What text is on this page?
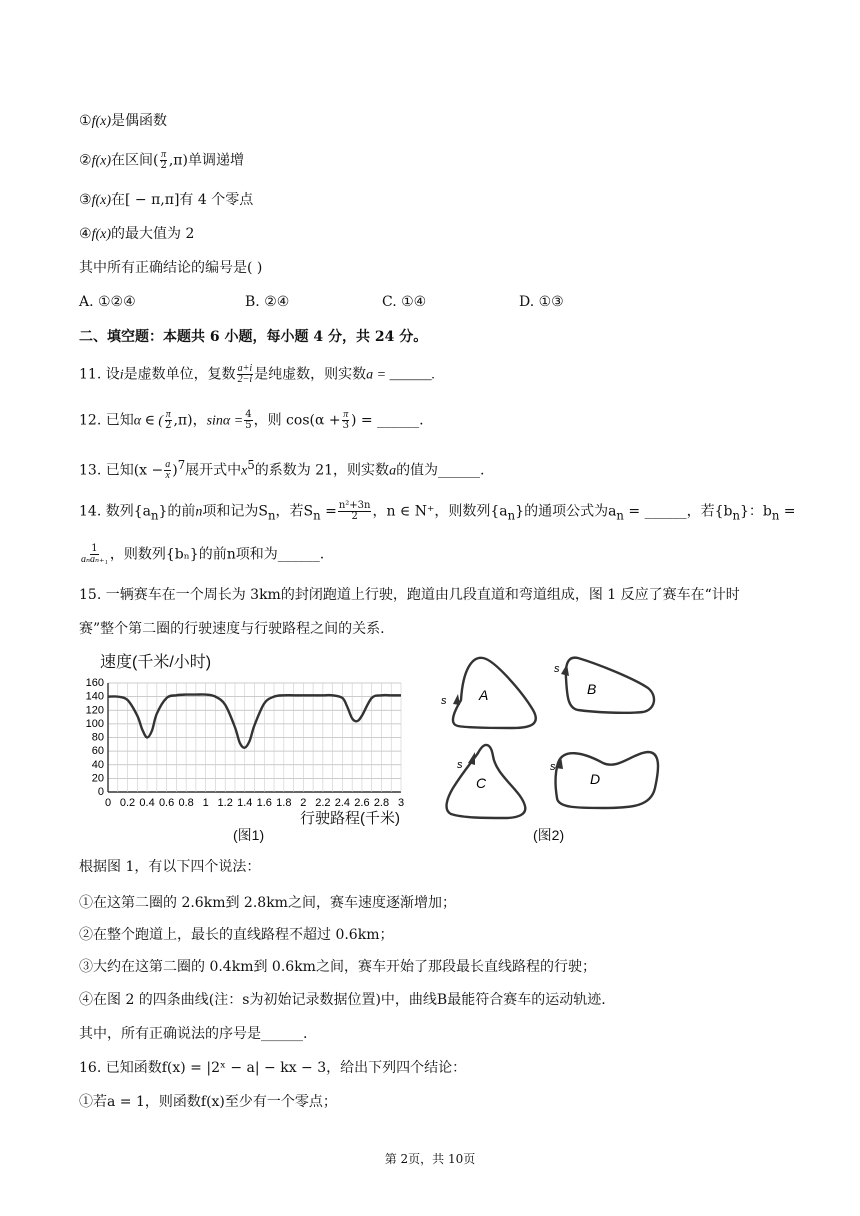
①f(x)是偶函数
②f(x)在区间( $\frac{\pi}{2} ,\pi$)单调递增
③f(x)在[ − π,π]有 4 个零点
④f(x)的最大值为 2
其中所有正确结论的编号是( )
A. ①②④	B. ②④	C. ①④	D. ①③
二、填空题：本题共 6 小题，每小题 4 分，共 24 分。
11. 设i是虚数单位，复数 $\frac{a+i}{2-i}$ 是纯虚数，则实数a = ______.
12. 已知α ∈ ( $\frac{\pi}{2} ,\pi$)，$\sin\alpha = \frac{4}{5}$ ，则 $\cos(\alpha + \frac{\pi}{3}$ ) = ______.
13. 已知$(x - \frac{a}{x} )^7$展开式中$x^5$的系数为 21，则实数a的值为______.
14. 数列$\{a_n\}$的前n项和记为$S_n$，若$S_n = \frac{\text{n²+3n}}{2}$ ，n ∈ N⁺，则数列$\{a_n\}$的通项公式为$a_n$ = ______，若$\{b_n\}$：$b_n$ =
$\frac{1}{\text{aₙaₙ₊₁}}$ ，则数列{bₙ}的前n项和为______.
15. 一辆赛车在一个周长为 3km的封闭跑道上行驶，跑道由几段直道和弯道组成，图 1 反应了赛车在“计时
赛”整个第二圈的行驶速度与行驶路程之间的关系.
速度(千米/小时)
0
20
40
60
80
100
120
140
160
0 0.2 0.4 0.6 0.8 1 1.2 1.4 1.6 1.8 2 2.2 2.4 2.6 2.8 3
行驶路程(千米)
(图1)
s A
s
B
s
C
s
D
(图2)
根据图 1，有以下四个说法：
①在这第二圈的 2.6km到 2.8km之间，赛车速度逐渐增加；
②在整个跑道上，最长的直线路程不超过 0.6km；
③大约在这第二圈的 0.4km到 0.6km之间，赛车开始了那段最长直线路程的行驶；
④在图 2 的四条曲线(注：s为初始记录数据位置)中，曲线B最能符合赛车的运动轨迹.
其中，所有正确说法的序号是______.
16. 已知函数f(x) = |2ˣ − a| − kx − 3，给出下列四个结论：
①若a = 1，则函数f(x)至少有一个零点；
第 2页，共 10页
